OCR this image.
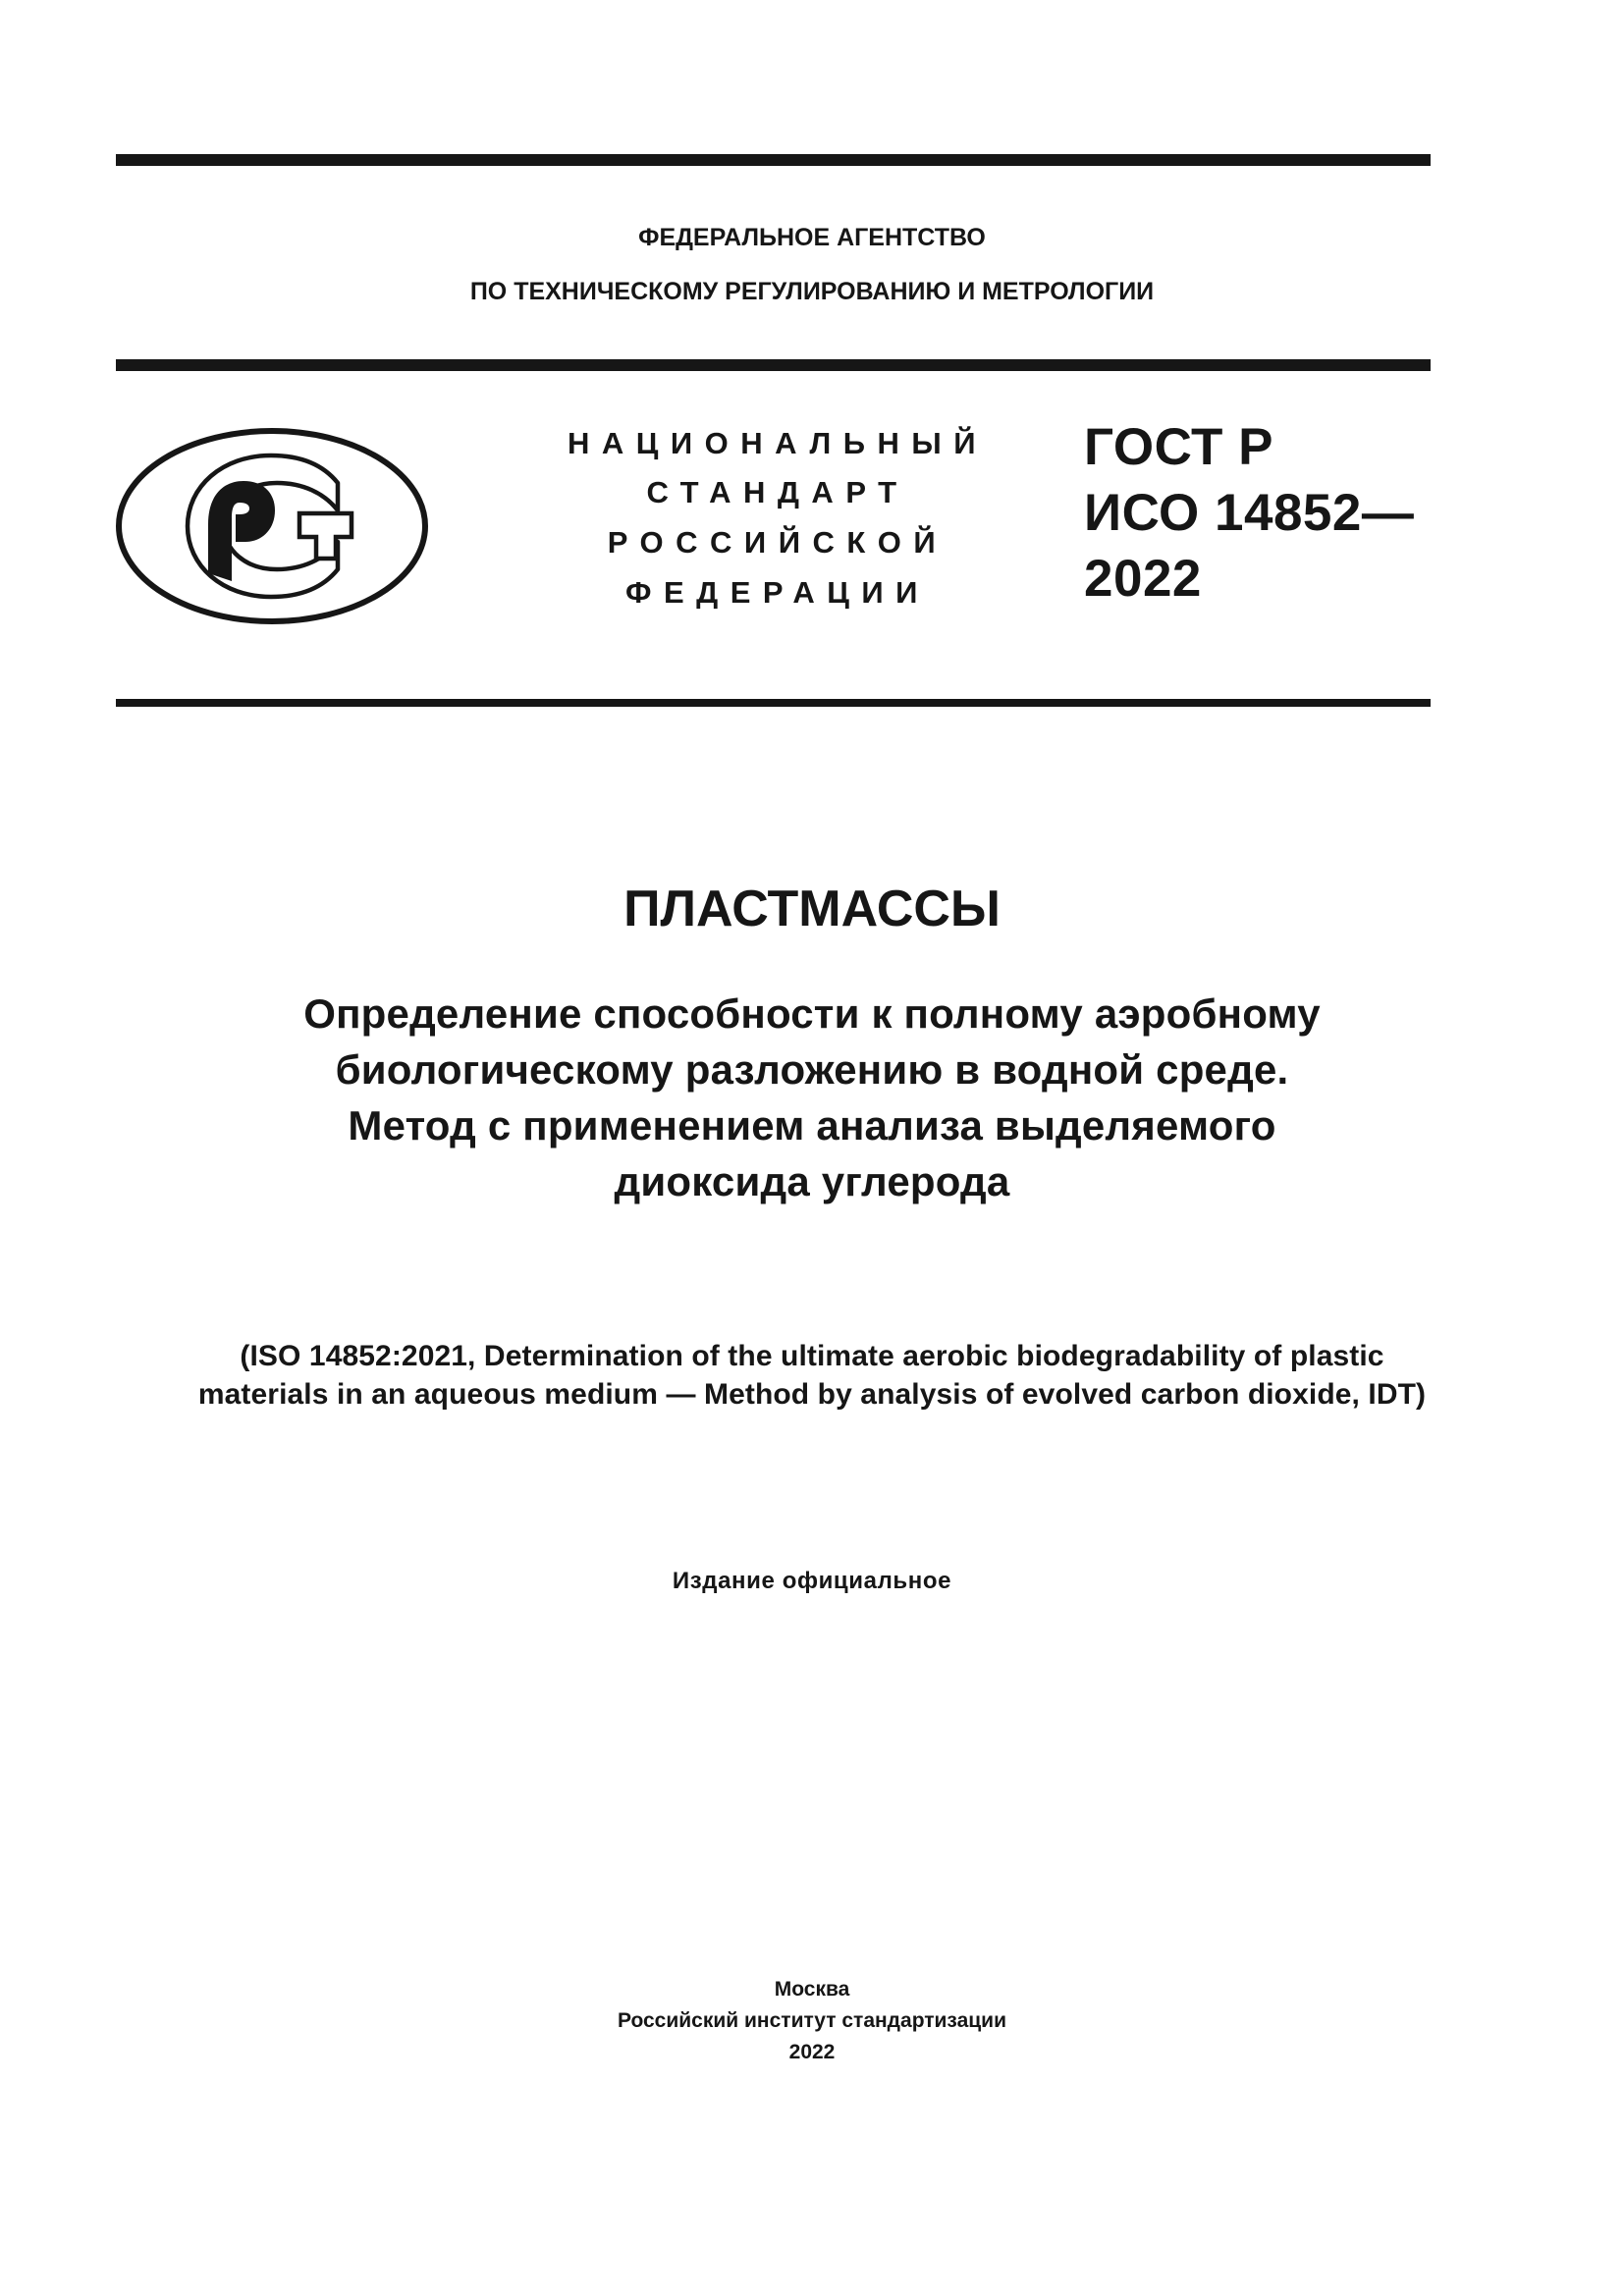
ФЕДЕРАЛЬНОЕ АГЕНТСТВО
ПО ТЕХНИЧЕСКОМУ РЕГУЛИРОВАНИЮ И МЕТРОЛОГИИ
НАЦИОНАЛЬНЫЙ
СТАНДАРТ
РОССИЙСКОЙ
ФЕДЕРАЦИИ
ГОСТ Р
ИСО 14852—
2022
ПЛАСТМАССЫ
Определение способности к полному аэробному
биологическому разложению в водной среде.
Метод с применением анализа выделяемого
диоксида углерода
(ISO 14852:2021, Determination of the ultimate aerobic biodegradability of plastic
materials in an aqueous medium — Method by analysis of evolved carbon dioxide, IDT)
Издание официальное
Москва
Российский институт стандартизации
2022
